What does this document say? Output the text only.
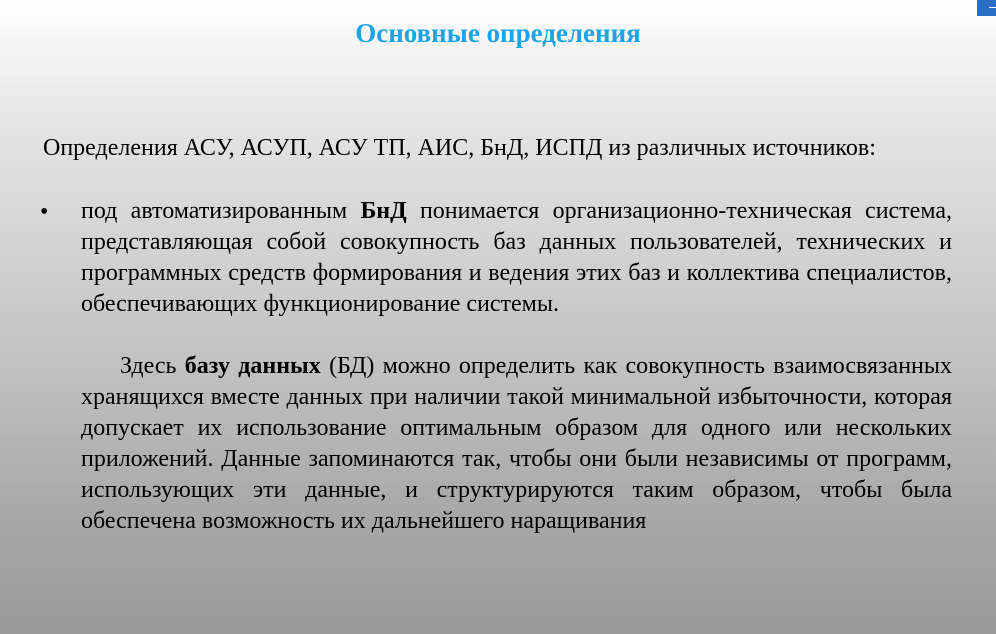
Основные определения
Определения АСУ, АСУП, АСУ ТП, АИС, БнД, ИСПД из различных источников:
• под автоматизированным БнД понимается организационно-техническая система, представляющая собой совокупность баз данных пользователей, технических и программных средств формирования и ведения этих баз и коллектива специалистов, обеспечивающих функционирование системы.
Здесь базу данных (БД) можно определить как совокупность взаимосвязанных хранящихся вместе данных при наличии такой минимальной избыточности, которая допускает их использование оптимальным образом для одного или нескольких приложений. Данные запоминаются так, чтобы они были независимы от программ, использующих эти данные, и структурируются таким образом, чтобы была обеспечена возможность их дальнейшего наращивания
